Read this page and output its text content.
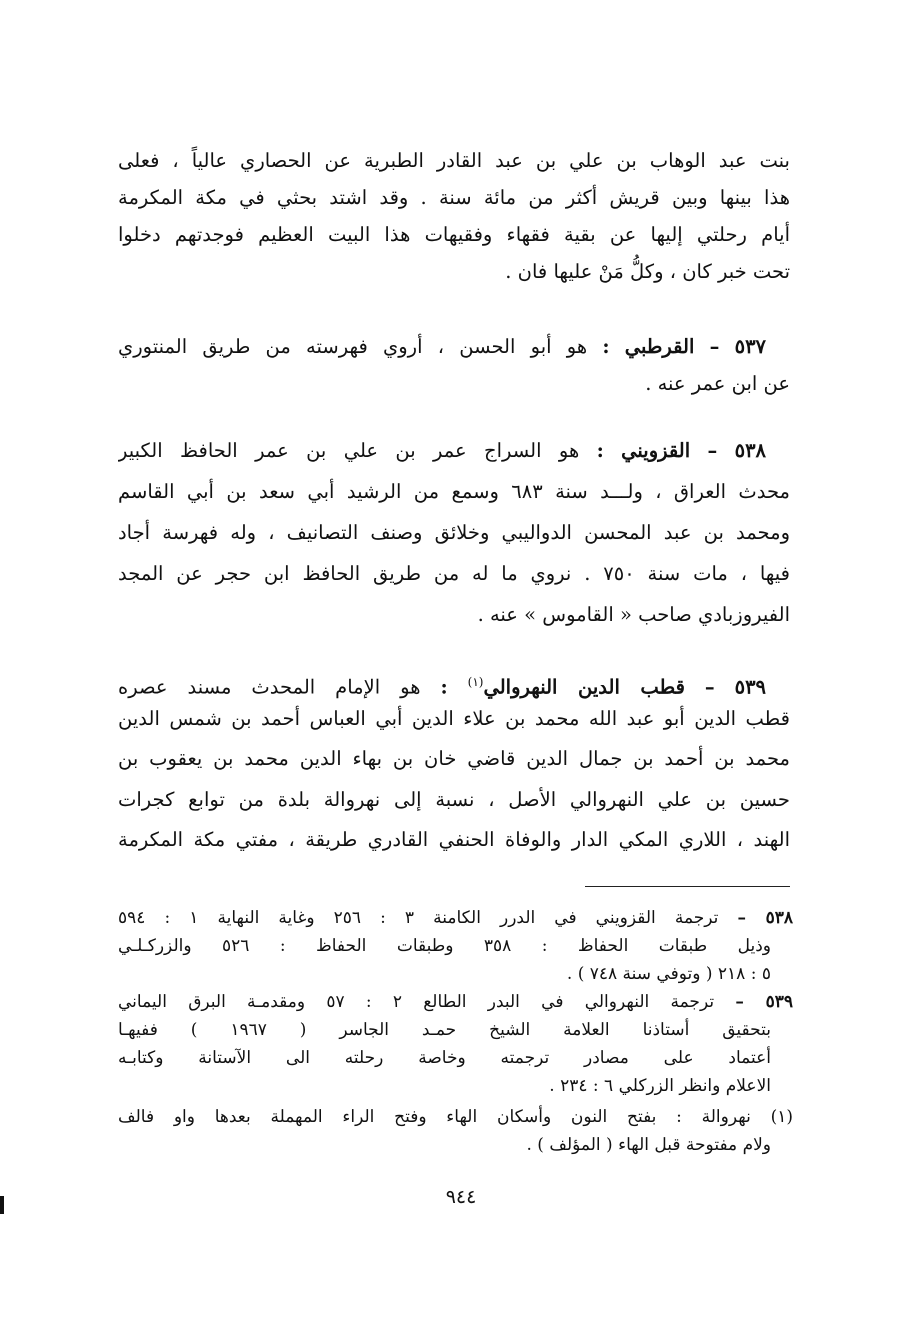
بنت عبد الوهاب بن علي بن عبد القادر الطبرية عن الحصاري عالياً ، فعلى
هذا بينها وبين قريش أكثر من مائة سنة . وقد اشتد بحثي في مكة المكرمة
أيام رحلتي إليها عن بقية فقهاء وفقيهات هذا البيت العظيم فوجدتهم دخلوا
تحت خبر كان ، وكلُّ مَنْ عليها فان .
٥٣٧ – القرطبي : هو أبو الحسن ، أروي فهرسته من طريق المنتوري
عن ابن عمر عنه .
٥٣٨ – القزويني : هو السراج عمر بن علي بن عمر الحافظ الكبير
محدث العراق ، ولـــد سنة ٦٨٣ وسمع من الرشيد أبي سعد بن أبي القاسم
ومحمد بن عبد المحسن الدواليبي وخلائق وصنف التصانيف ، وله فهرسة أجاد
فيها ، مات سنة ٧٥٠ . نروي ما له من طريق الحافظ ابن حجر عن المجد
الفيروزبادي صاحب « القاموس » عنه .
٥٣٩ – قطب الدين النهروالي$^{(١)}$ : هو الإمام المحدث مسند عصره
قطب الدين أبو عبد الله محمد بن علاء الدين أبي العباس أحمد بن شمس الدين
محمد بن أحمد بن جمال الدين قاضي خان بن بهاء الدين محمد بن يعقوب بن
حسين بن علي النهروالي الأصل ، نسبة إلى نهروالة بلدة من توابع كجرات
الهند ، اللاري المكي الدار والوفاة الحنفي القادري طريقة ، مفتي مكة المكرمة
٥٣٨ – ترجمة القزويني في الدرر الكامنة ٣ : ٢٥٦ وغاية النهاية ١ : ٥٩٤
وذيل طبقات الحفاظ : ٣٥٨ وطبقات الحفاظ : ٥٢٦ والزركـلـي
٥ : ٢١٨ ( وتوفي سنة ٧٤٨ ) .
٥٣٩ – ترجمة النهروالي في البدر الطالع ٢ : ٥٧ ومقدمـة البرق اليماني
بتحقيق أستاذنا العلامة الشيخ حمـد الجاسر ( ١٩٦٧ ) ففيهـا
أعتماد على مصادر ترجمته وخاصة رحلته الى الآستانة وكتابـه
الاعلام وانظر الزركلي ٦ : ٢٣٤ .
(١) نهروالة : بفتح النون وأسكان الهاء وفتح الراء المهملة بعدها واو فالف
ولام مفتوحة قبل الهاء ( المؤلف ) .
٩٤٤
